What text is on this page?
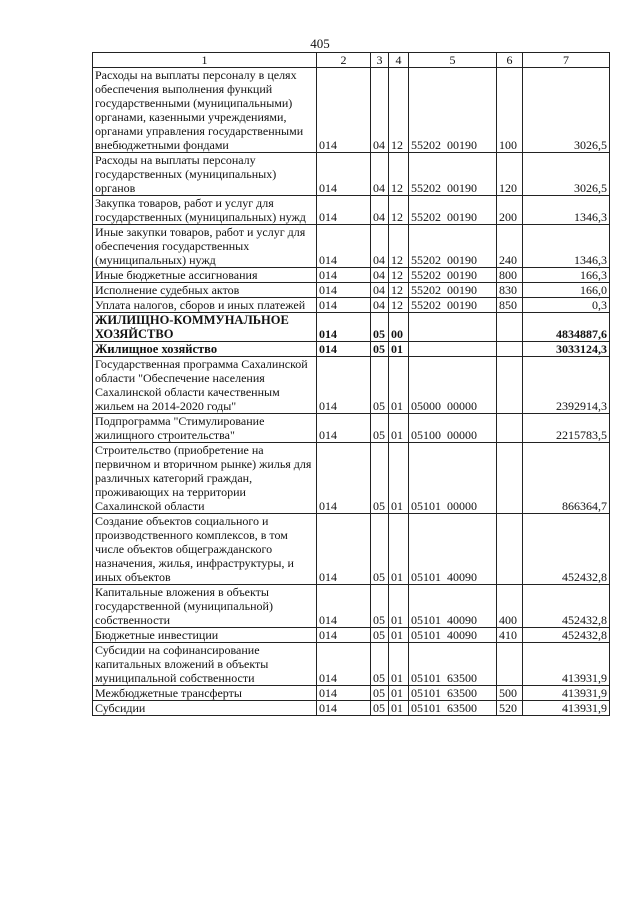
405
1	2	3	4	5	6	7
Расходы на выплаты персоналу в целях обеспечения выполнения функций государственными (муниципальными) органами, казенными учреждениями, органами управления государственными внебюджетными фондами	014	04	12	55202  00190	100	3026,5
Расходы на выплаты персоналу государственных (муниципальных) органов	014	04	12	55202  00190	120	3026,5
Закупка товаров, работ и услуг для государственных (муниципальных) нужд	014	04	12	55202  00190	200	1346,3
Иные закупки товаров, работ и услуг для обеспечения государственных (муниципальных) нужд	014	04	12	55202  00190	240	1346,3
Иные бюджетные ассигнования	014	04	12	55202  00190	800	166,3
Исполнение судебных актов	014	04	12	55202  00190	830	166,0
Уплата налогов, сборов и иных платежей	014	04	12	55202  00190	850	0,3
ЖИЛИЩНО-КОММУНАЛЬНОЕ ХОЗЯЙСТВО	014	05	00			4834887,6
Жилищное хозяйство	014	05	01			3033124,3
Государственная программа Сахалинской области "Обеспечение населения Сахалинской области качественным жильем на 2014-2020 годы"	014	05	01	05000  00000		2392914,3
Подпрограмма "Стимулирование жилищного строительства"	014	05	01	05100  00000		2215783,5
Строительство (приобретение на первичном и вторичном рынке) жилья для различных категорий граждан, проживающих на территории Сахалинской области	014	05	01	05101  00000		866364,7
Создание объектов социального и производственного комплексов, в том числе объектов общегражданского назначения, жилья, инфраструктуры, и иных объектов	014	05	01	05101  40090		452432,8
Капитальные вложения в объекты государственной (муниципальной) собственности	014	05	01	05101  40090	400	452432,8
Бюджетные инвестиции	014	05	01	05101  40090	410	452432,8
Субсидии на софинансирование капитальных вложений в объекты муниципальной собственности	014	05	01	05101  63500		413931,9
Межбюджетные трансферты	014	05	01	05101  63500	500	413931,9
Субсидии	014	05	01	05101  63500	520	413931,9
